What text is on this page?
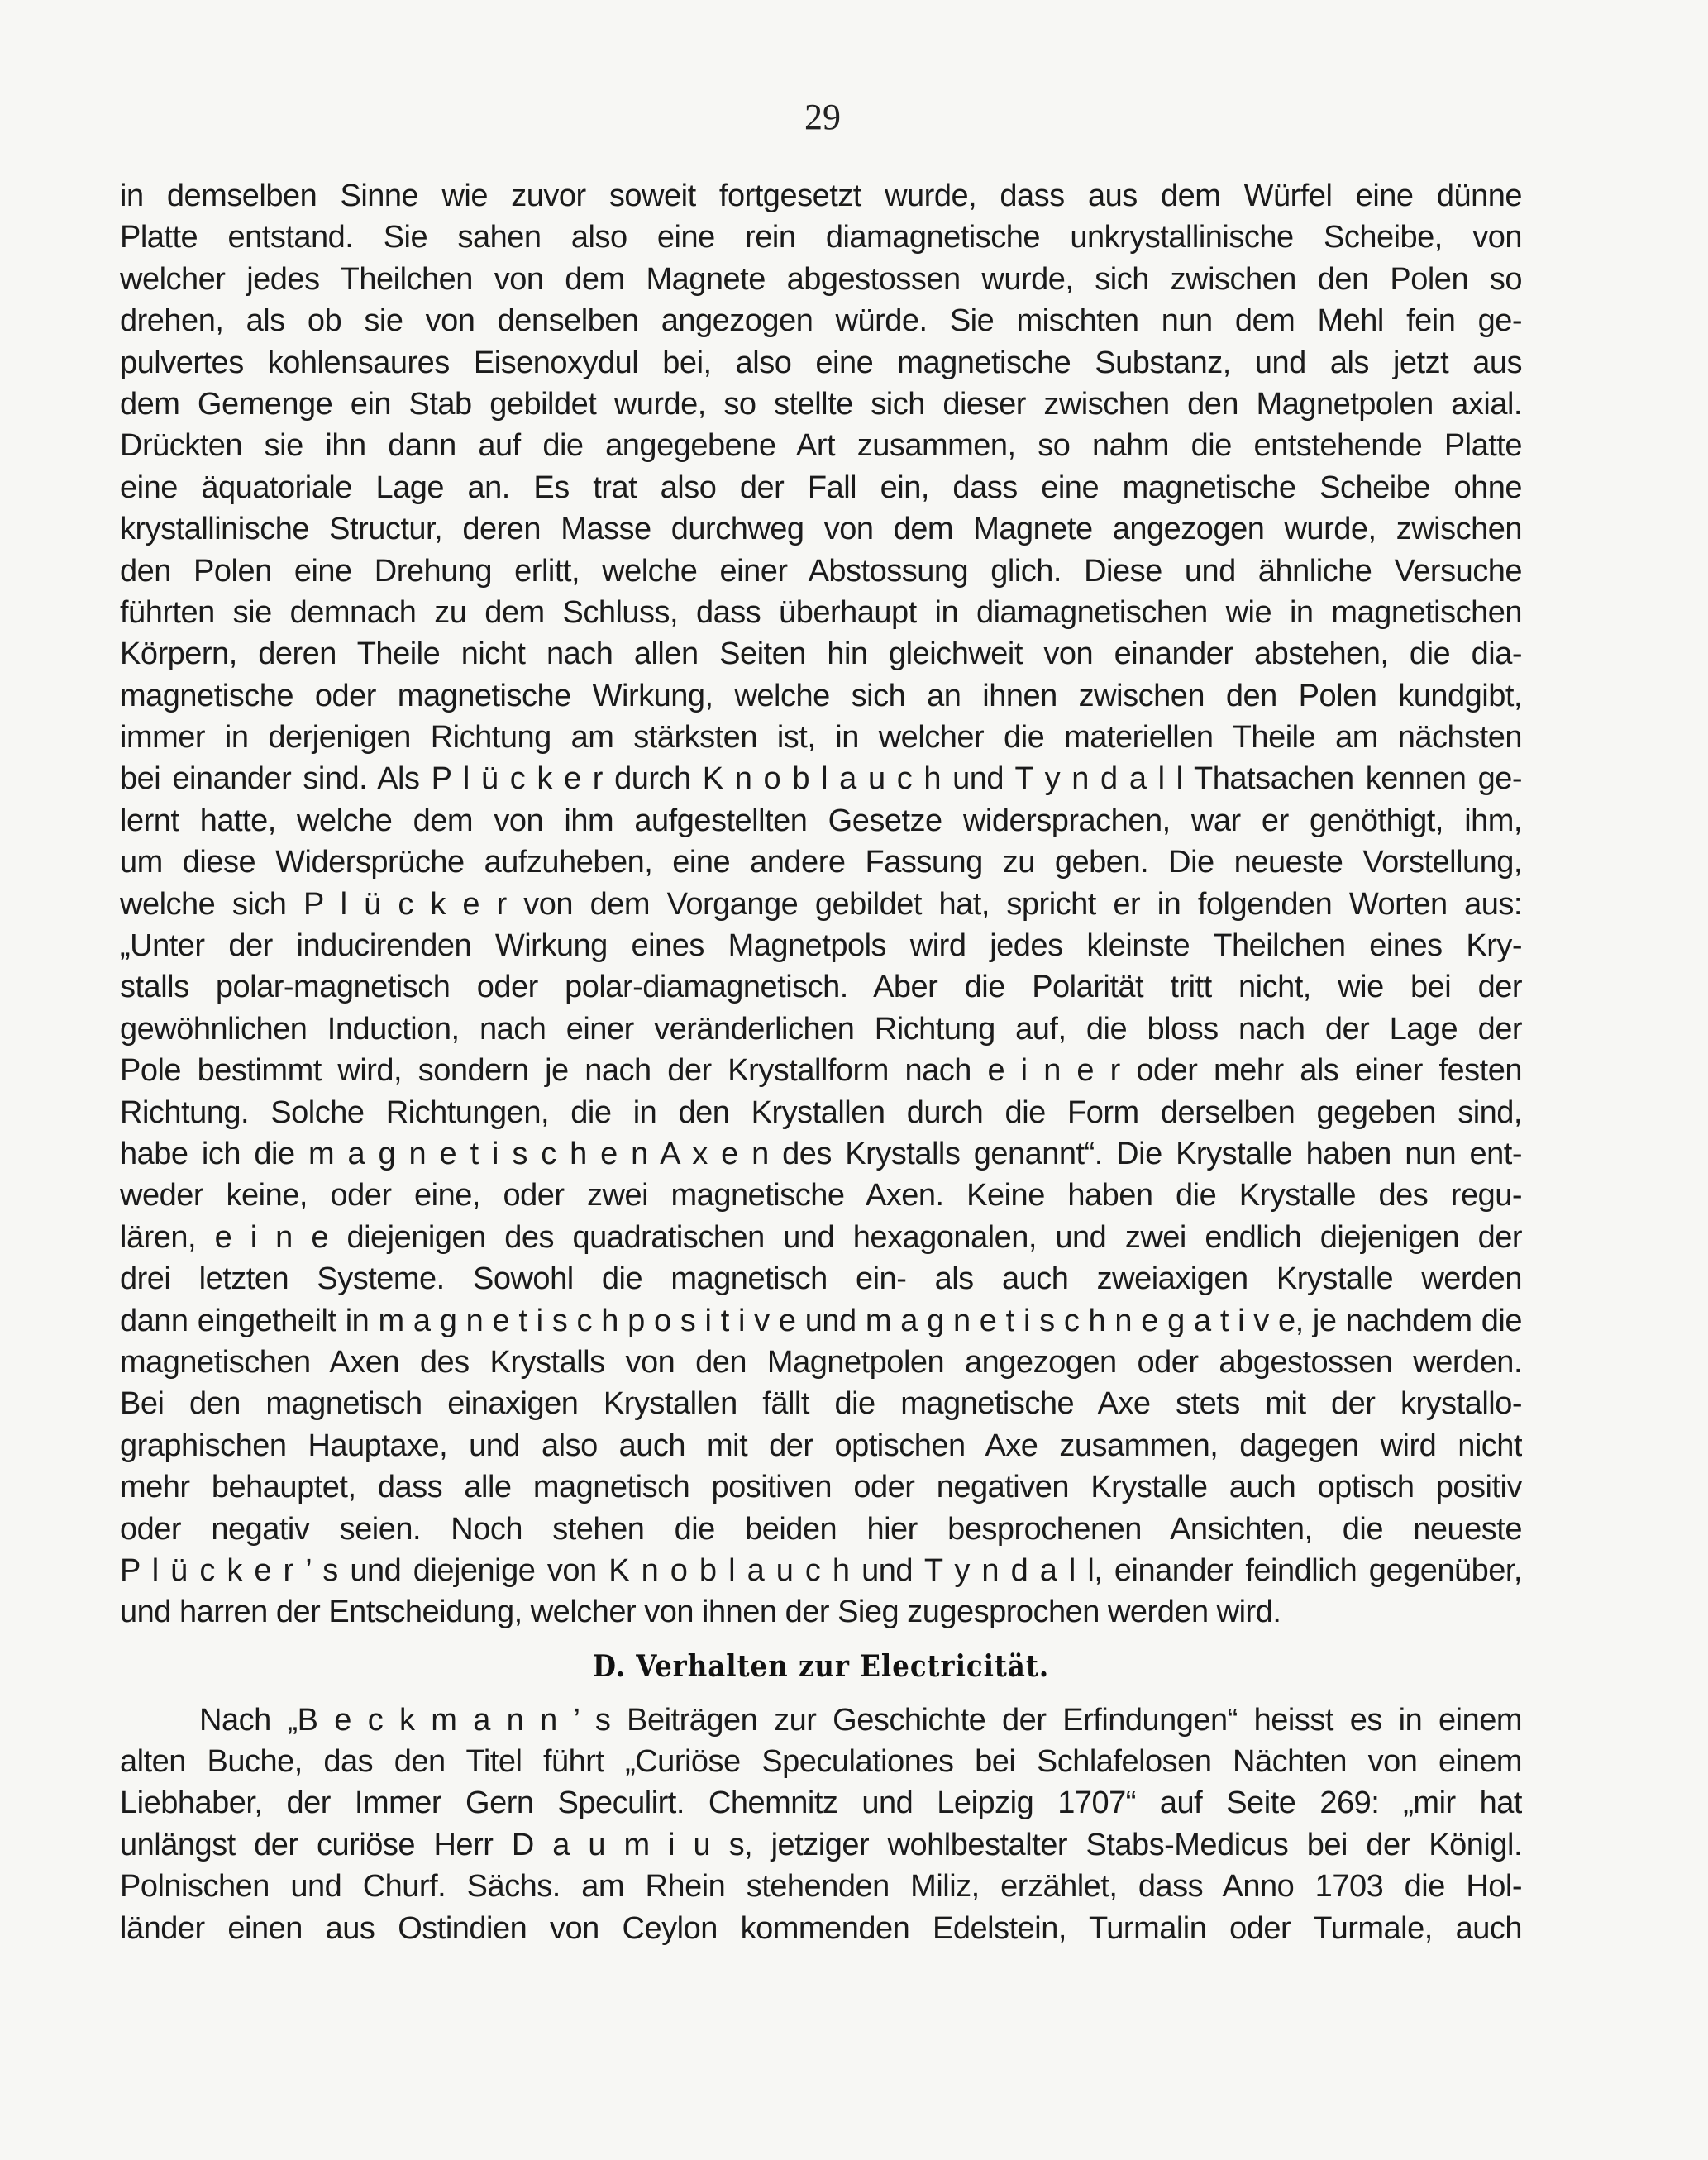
29
in demselben Sinne wie zuvor soweit fortgesetzt wurde, dass aus dem Würfel eine dünne
Platte entstand. Sie sahen also eine rein diamagnetische unkrystallinische Scheibe, von
welcher jedes Theilchen von dem Magnete abgestossen wurde, sich zwischen den Polen so
drehen, als ob sie von denselben angezogen würde. Sie mischten nun dem Mehl fein ge-
pulvertes kohlensaures Eisenoxydul bei, also eine magnetische Substanz, und als jetzt aus
dem Gemenge ein Stab gebildet wurde, so stellte sich dieser zwischen den Magnetpolen axial.
Drückten sie ihn dann auf die angegebene Art zusammen, so nahm die entstehende Platte
eine äquatoriale Lage an. Es trat also der Fall ein, dass eine magnetische Scheibe ohne
krystallinische Structur, deren Masse durchweg von dem Magnete angezogen wurde, zwischen
den Polen eine Drehung erlitt, welche einer Abstossung glich. Diese und ähnliche Versuche
führten sie demnach zu dem Schluss, dass überhaupt in diamagnetischen wie in magnetischen
Körpern, deren Theile nicht nach allen Seiten hin gleichweit von einander abstehen, die dia-
magnetische oder magnetische Wirkung, welche sich an ihnen zwischen den Polen kundgibt,
immer in derjenigen Richtung am stärksten ist, in welcher die materiellen Theile am nächsten
bei einander sind. Als P l ü c k e r durch K n o b l a u c h und T y n d a l l Thatsachen kennen ge-
lernt hatte, welche dem von ihm aufgestellten Gesetze widersprachen, war er genöthigt, ihm,
um diese Widersprüche aufzuheben, eine andere Fassung zu geben. Die neueste Vorstellung,
welche sich P l ü c k e r von dem Vorgange gebildet hat, spricht er in folgenden Worten aus:
„Unter der inducirenden Wirkung eines Magnetpols wird jedes kleinste Theilchen eines Kry-
stalls polar-magnetisch oder polar-diamagnetisch. Aber die Polarität tritt nicht, wie bei der
gewöhnlichen Induction, nach einer veränderlichen Richtung auf, die bloss nach der Lage der
Pole bestimmt wird, sondern je nach der Krystallform nach e i n e r oder mehr als einer festen
Richtung. Solche Richtungen, die in den Krystallen durch die Form derselben gegeben sind,
habe ich die m a g n e t i s c h e n A x e n des Krystalls genannt“. Die Krystalle haben nun ent-
weder keine, oder eine, oder zwei magnetische Axen. Keine haben die Krystalle des regu-
lären, e i n e diejenigen des quadratischen und hexagonalen, und zwei endlich diejenigen der
drei letzten Systeme. Sowohl die magnetisch ein- als auch zweiaxigen Krystalle werden
dann eingetheilt in m a g n e t i s c h p o s i t i v e und m a g n e t i s c h n e g a t i v e, je nachdem die
magnetischen Axen des Krystalls von den Magnetpolen angezogen oder abgestossen werden.
Bei den magnetisch einaxigen Krystallen fällt die magnetische Axe stets mit der krystallo-
graphischen Hauptaxe, und also auch mit der optischen Axe zusammen, dagegen wird nicht
mehr behauptet, dass alle magnetisch positiven oder negativen Krystalle auch optisch positiv
oder negativ seien. Noch stehen die beiden hier besprochenen Ansichten, die neueste
P l ü c k e r ’ s und diejenige von K n o b l a u c h und T y n d a l l, einander feindlich gegenüber,
und harren der Entscheidung, welcher von ihnen der Sieg zugesprochen werden wird.
D. Verhalten zur Electricität.
Nach „B e c k m a n n ’ s Beiträgen zur Geschichte der Erfindungen“ heisst es in einem
alten Buche, das den Titel führt „Curiöse Speculationes bei Schlafelosen Nächten von einem
Liebhaber, der Immer Gern Speculirt. Chemnitz und Leipzig 1707“ auf Seite 269: „mir hat
unlängst der curiöse Herr D a u m i u s, jetziger wohlbestalter Stabs-Medicus bei der Königl.
Polnischen und Churf. Sächs. am Rhein stehenden Miliz, erzählet, dass Anno 1703 die Hol-
länder einen aus Ostindien von Ceylon kommenden Edelstein, Turmalin oder Turmale, auch
